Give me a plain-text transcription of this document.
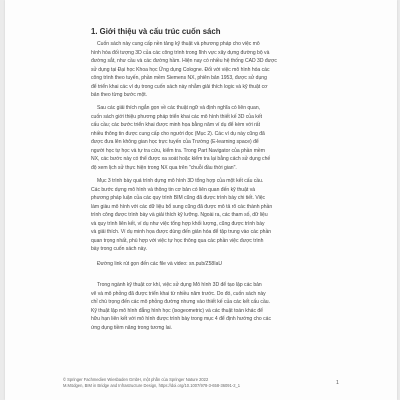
1. Giới thiệu và cấu trúc cuốn sách

Cuốn sách này cung cấp nền tảng kỹ thuật và phương pháp cho việc mô
hình hóa đối tượng 3D của các công trình trong lĩnh vực xây dựng đường bộ và
đường sắt, như cầu và các đường hầm. Hiện nay có nhiều hệ thống CAD 3D được
sử dụng tại Đại học Khoa học Ứng dụng Cologne. Đối với việc mô hình hóa các
công trình theo tuyến, phần mềm Siemens NX, phiên bản 1953, được sử dụng
để triển khai các ví dụ trong cuốn sách này nhằm giải thích logic và kỹ thuật cơ
bản theo từng bước một.

Sau các giải thích ngắn gọn về các thuật ngữ và định nghĩa có liên quan,
cuốn sách giới thiệu phương pháp triển khai các mô hình thiết kế 3D của kết
cấu cầu; các bước triển khai được minh họa bằng năm ví dụ để kèm với rất
nhiều thông tin được cung cấp cho người đọc (Mục 2). Các ví dụ này cũng đã
được đưa lên không gian học trực tuyến của Trường (E-learning space) để
người học tự học và tự tra cứu, kiểm tra. Trong Part Navigator của phần mềm
NX, các bước này có thể được xa soát hoặc kiểm tra lại bằng cách sử dụng chế
độ xem lịch sử thực hiện trong NX qua trên "chuỗi đầu thời gian".

Mục 3 trình bày quá trình dựng mô hình 3D tổng hợp của một kết cấu cầu.
Các bước dựng mô hình và thông tin cơ bản có liên quan đến kỹ thuật và
phương pháp luận của các quy trình BIM cũng đã được trình bày chi tiết. Việc
làm giàu mô hình với các dữ liệu bổ sung cũng đã được mô tả rõ các thành phần
trình công được trình bày và giải thích kỹ lưỡng. Ngoài ra, các tham số, dữ liệu
và quy trình liên kết, ví dụ như việc tổng hợp khối lượng, cũng được trình bày
và giải thích. Ví dụ minh họa được dùng đến giản hóa để tập trung vào các phần
quan trọng nhất, phù hợp với việc tự học thông qua các phần việc được trình
bày trong cuốn sách này.

Đường link rút gọn đến các file và video: sn.pub/Z58IaU

Trong ngành kỹ thuật cơ khí, việc sử dụng Mô hình 3D để tạo lập các bản
vẽ và mô phỏng đã được triển khai từ nhiều năm trước. Do đó, cuốn sách này
chỉ chú trọng đến các mô phỏng đường nhưng vào thiết kế của các kết cấu cầu.
Kỹ thuật lập mô hình đẳng hình học (isogeometric) và các thuật toán khác để
hữu hạn liên kết với mô hình được trình bày trong mục 4 để định hướng cho các
ứng dụng tiềm năng trong tương lai.

© Springer Fachmedien Wiesbaden GmbH, một phần của Springer Nature 2022
M.Mödgen, BIM in Bridge and Infrastructure Design, https://doi.org/10.1007/978-3-658-36091-2_1	1
